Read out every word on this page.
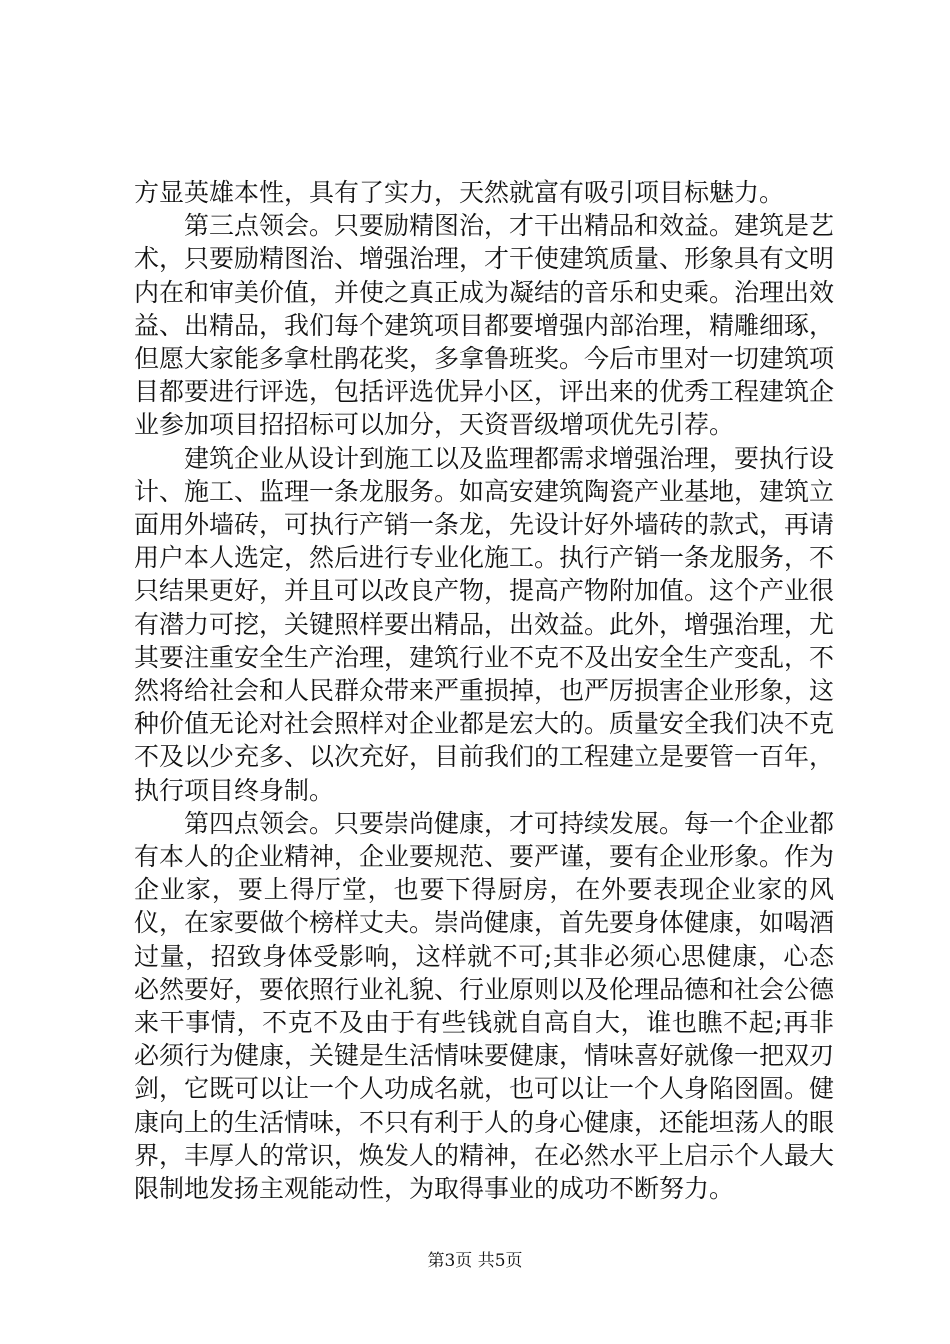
方显英雄本性，具有了实力，天然就富有吸引项目标魅力。

第三点领会。只要励精图治，才干出精品和效益。建筑是艺术，只要励精图治、增强治理，才干使建筑质量、形象具有文明内在和审美价值，并使之真正成为凝结的音乐和史乘。治理出效益、出精品，我们每个建筑项目都要增强内部治理，精雕细琢，但愿大家能多拿杜鹃花奖，多拿鲁班奖。今后市里对一切建筑项目都要进行评选，包括评选优异小区，评出来的优秀工程建筑企业参加项目招招标可以加分，天资晋级增项优先引荐。

建筑企业从设计到施工以及监理都需求增强治理，要执行设计、施工、监理一条龙服务。如高安建筑陶瓷产业基地，建筑立面用外墙砖，可执行产销一条龙，先设计好外墙砖的款式，再请用户本人选定，然后进行专业化施工。执行产销一条龙服务，不只结果更好，并且可以改良产物，提高产物附加值。这个产业很有潜力可挖，关键照样要出精品，出效益。此外，增强治理，尤其要注重安全生产治理，建筑行业不克不及出安全生产变乱，不然将给社会和人民群众带来严重损掉，也严厉损害企业形象，这种价值无论对社会照样对企业都是宏大的。质量安全我们决不克不及以少充多、以次充好，目前我们的工程建立是要管一百年，执行项目终身制。

第四点领会。只要崇尚健康，才可持续发展。每一个企业都有本人的企业精神，企业要规范、要严谨，要有企业形象。作为企业家，要上得厅堂，也要下得厨房，在外要表现企业家的风仪，在家要做个榜样丈夫。崇尚健康，首先要身体健康，如喝酒过量，招致身体受影响，这样就不可;其非必须心思健康，心态必然要好，要依照行业礼貌、行业原则以及伦理品德和社会公德来干事情，不克不及由于有些钱就自高自大，谁也瞧不起;再非必须行为健康，关键是生活情味要健康，情味喜好就像一把双刃剑，它既可以让一个人功成名就，也可以让一个人身陷囹圄。健康向上的生活情味，不只有利于人的身心健康，还能坦荡人的眼界，丰厚人的常识，焕发人的精神，在必然水平上启示个人最大限制地发扬主观能动性，为取得事业的成功不断努力。

第3页 共5页
